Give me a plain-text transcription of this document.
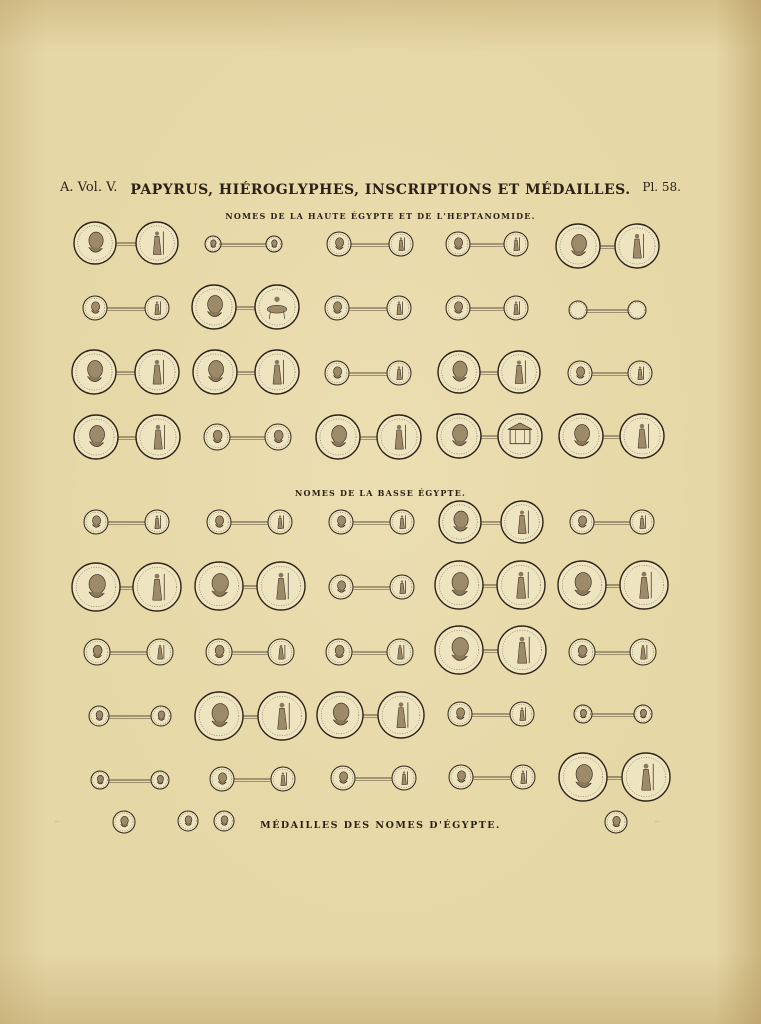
A. Vol. V. PAPYRUS, HIÉROGLYPHES, INSCRIPTIONS ET MÉDAILLES. Pl. 58.
NOMES DE LA HAUTE ÉGYPTE ET DE L'HEPTANOMIDE.
NOMES DE LA BASSE ÉGYPTE.
...	...
MÉDAILLES DES NOMES D'ÉGYPTE.
